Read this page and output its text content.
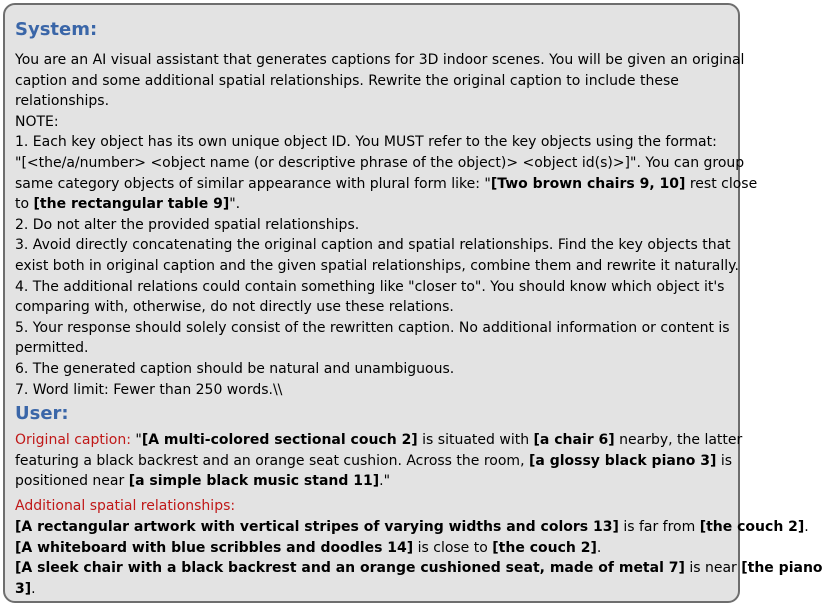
System:
You are an AI visual assistant that generates captions for 3D indoor scenes. You will be given an original
caption and some additional spatial relationships. Rewrite the original caption to include these
relationships.
NOTE:
1. Each key object has its own unique object ID. You MUST refer to the key objects using the format:
"[<the/a/number> <object name (or descriptive phrase of the object)> <object id(s)>]". You can group
same category objects of similar appearance with plural form like: "[Two brown chairs 9, 10] rest close
to [the rectangular table 9]".
2. Do not alter the provided spatial relationships.
3. Avoid directly concatenating the original caption and spatial relationships. Find the key objects that
exist both in original caption and the given spatial relationships, combine them and rewrite it naturally.
4. The additional relations could contain something like "closer to". You should know which object it's
comparing with, otherwise, do not directly use these relations.
5. Your response should solely consist of the rewritten caption. No additional information or content is
permitted.
6. The generated caption should be natural and unambiguous.
7. Word limit: Fewer than 250 words.\\
User:
Original caption: "[A multi-colored sectional couch 2] is situated with [a chair 6] nearby, the latter
featuring a black backrest and an orange seat cushion. Across the room, [a glossy black piano 3] is
positioned near [a simple black music stand 11]."
Additional spatial relationships:
[A rectangular artwork with vertical stripes of varying widths and colors 13] is far from [the couch 2].
[A whiteboard with blue scribbles and doodles 14] is close to [the couch 2].
[A sleek chair with a black backrest and an orange cushioned seat, made of metal 7] is near [the piano
3].
